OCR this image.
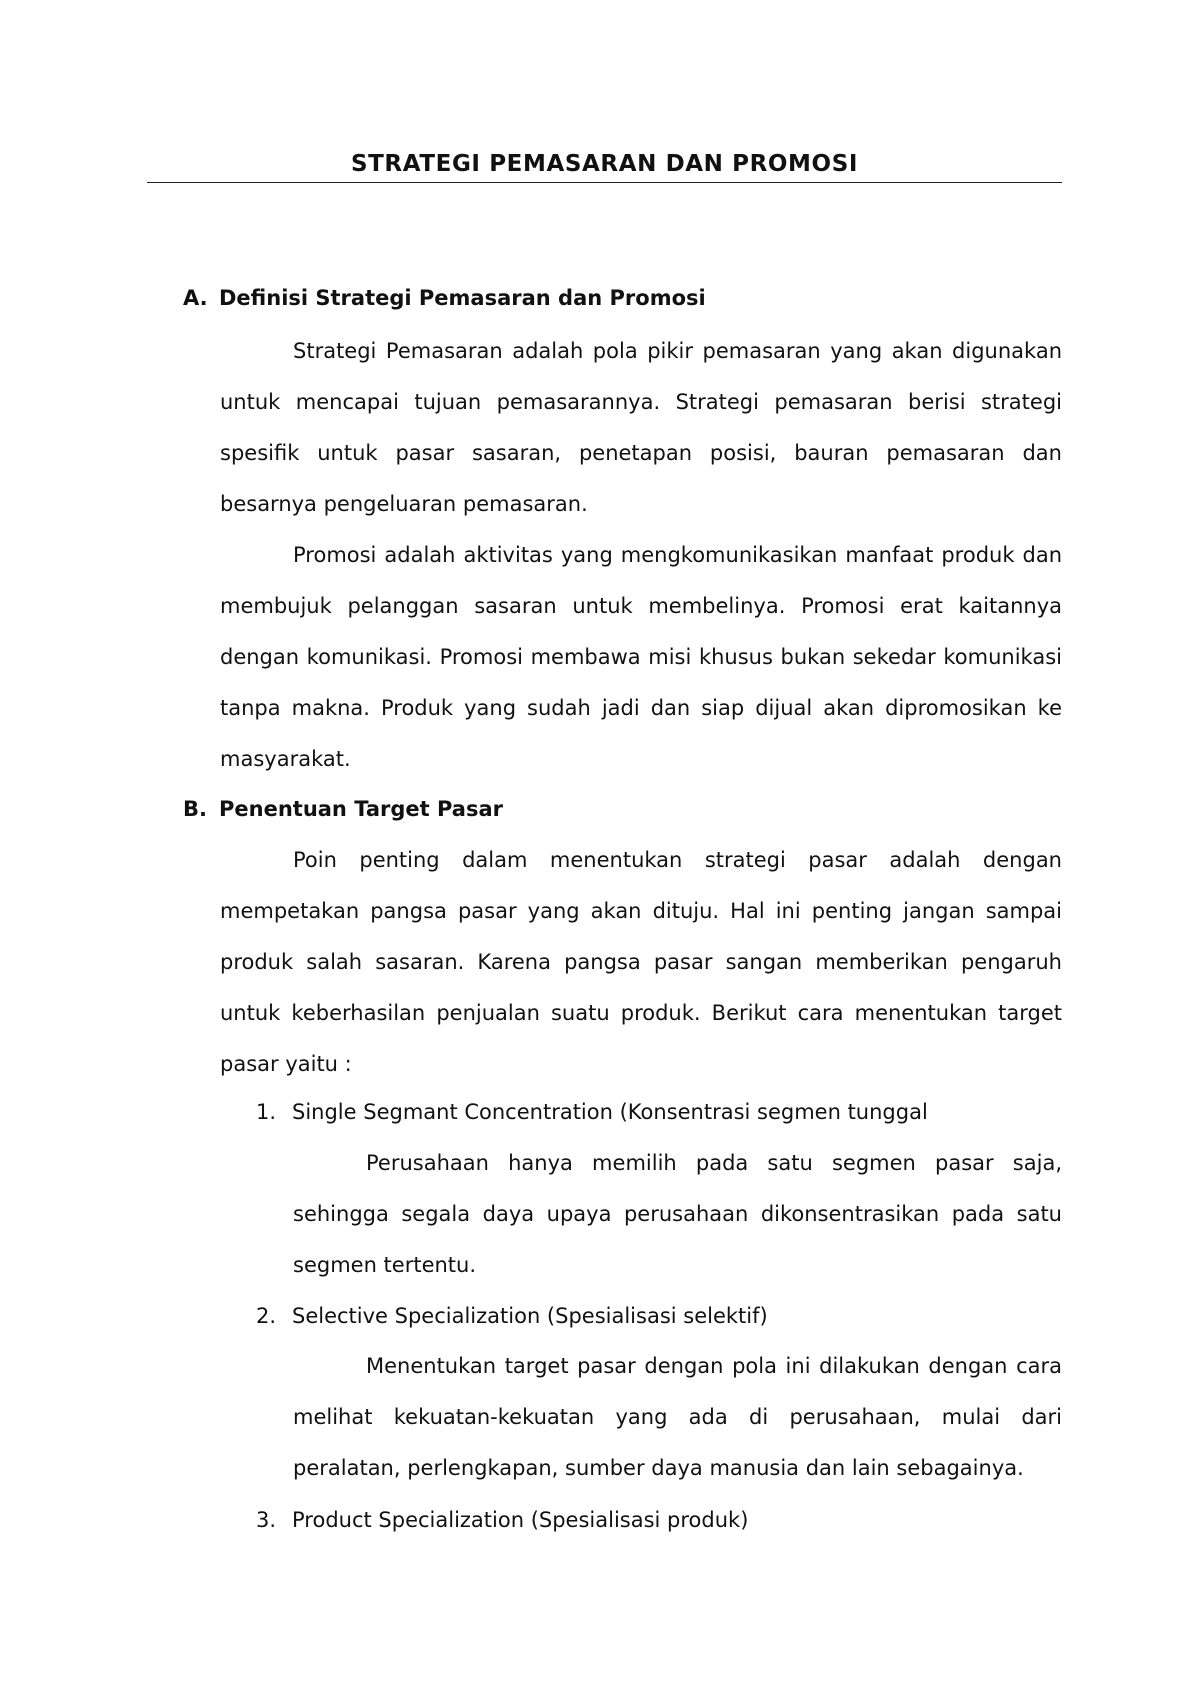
STRATEGI PEMASARAN DAN PROMOSI
A. Definisi Strategi Pemasaran dan Promosi

Strategi Pemasaran adalah pola pikir pemasaran yang akan digunakan untuk mencapai tujuan pemasarannya. Strategi pemasaran berisi strategi spesifik untuk pasar sasaran, penetapan posisi, bauran pemasaran dan besarnya pengeluaran pemasaran.

Promosi adalah aktivitas yang mengkomunikasikan manfaat produk dan membujuk pelanggan sasaran untuk membelinya. Promosi erat kaitannya dengan komunikasi. Promosi membawa misi khusus bukan sekedar komunikasi tanpa makna. Produk yang sudah jadi dan siap dijual akan dipromosikan ke masyarakat.

B. Penentuan Target Pasar

Poin penting dalam menentukan strategi pasar adalah dengan mempetakan pangsa pasar yang akan dituju. Hal ini penting jangan sampai produk salah sasaran. Karena pangsa pasar sangan memberikan pengaruh untuk keberhasilan penjualan suatu produk. Berikut cara menentukan target pasar yaitu :

1. Single Segmant Concentration (Konsentrasi segmen tunggal

Perusahaan hanya memilih pada satu segmen pasar saja, sehingga segala daya upaya perusahaan dikonsentrasikan pada satu segmen tertentu.

2. Selective Specialization (Spesialisasi selektif)

Menentukan target pasar dengan pola ini dilakukan dengan cara melihat kekuatan-kekuatan yang ada di perusahaan, mulai dari peralatan, perlengkapan, sumber daya manusia dan lain sebagainya.

3. Product Specialization (Spesialisasi produk)
